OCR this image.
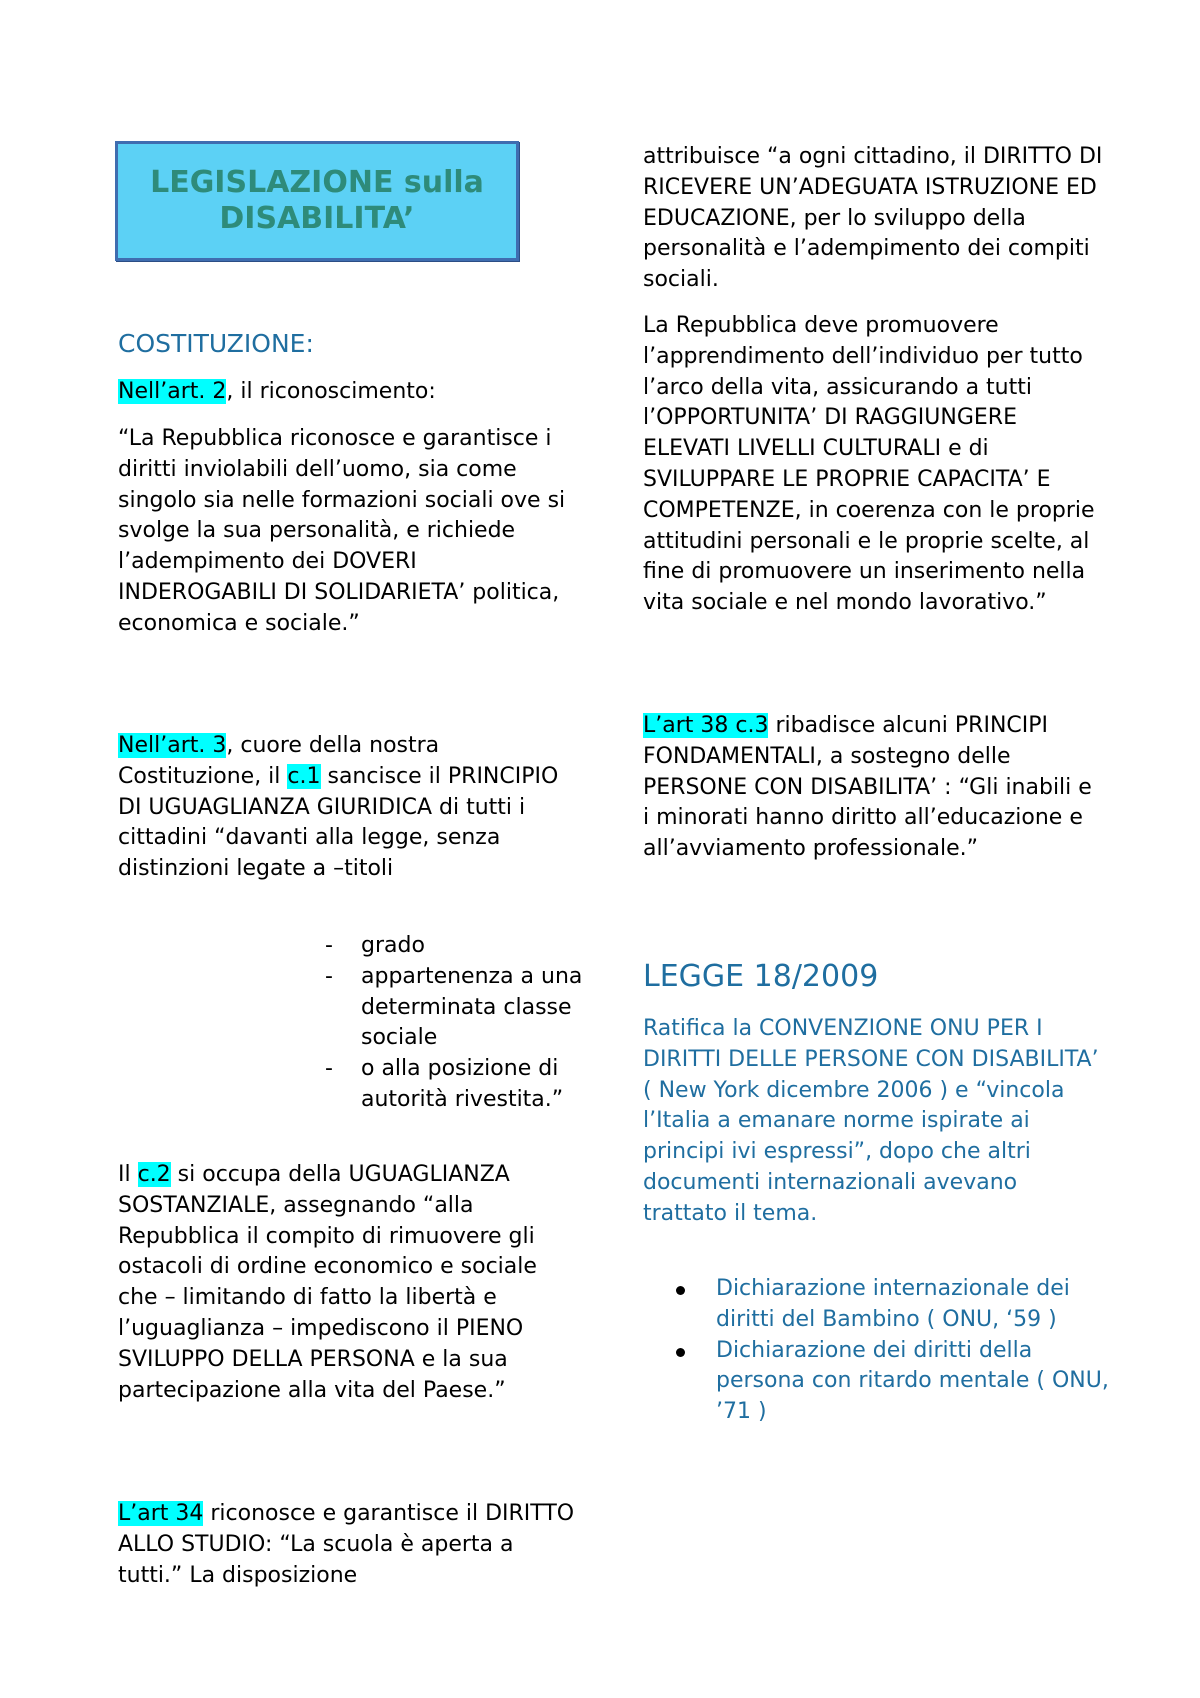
LEGISLAZIONE sulla
DISABILITA’

COSTITUZIONE:

Nell’art. 2, il riconoscimento:

“La Repubblica riconosce e garantisce i diritti inviolabili dell’uomo, sia come singolo sia nelle formazioni sociali ove si svolge la sua personalità, e richiede l’adempimento dei DOVERI INDEROGABILI DI SOLIDARIETA’ politica, economica e sociale.”

Nell’art. 3, cuore della nostra Costituzione, il c.1 sancisce il PRINCIPIO DI UGUAGLIANZA GIURIDICA di tutti i cittadini “davanti alla legge, senza distinzioni legate a –titoli

- grado
- appartenenza a una determinata classe sociale
- o alla posizione di autorità rivestita.”

Il c.2 si occupa della UGUAGLIANZA SOSTANZIALE, assegnando “alla Repubblica il compito di rimuovere gli ostacoli di ordine economico e sociale che – limitando di fatto la libertà e l’uguaglianza – impediscono il PIENO SVILUPPO DELLA PERSONA e la sua partecipazione alla vita del Paese.”

L’art 34 riconosce e garantisce il DIRITTO ALLO STUDIO: “La scuola è aperta a tutti.” La disposizione

attribuisce “a ogni cittadino, il DIRITTO DI RICEVERE UN’ADEGUATA ISTRUZIONE ED EDUCAZIONE, per lo sviluppo della personalità e l’adempimento dei compiti sociali.

La Repubblica deve promuovere l’apprendimento dell’individuo per tutto l’arco della vita, assicurando a tutti l’OPPORTUNITA’ DI RAGGIUNGERE ELEVATI LIVELLI CULTURALI e di SVILUPPARE LE PROPRIE CAPACITA’ E COMPETENZE, in coerenza con le proprie attitudini personali e le proprie scelte, al fine di promuovere un inserimento nella vita sociale e nel mondo lavorativo.”

L’art 38 c.3 ribadisce alcuni PRINCIPI FONDAMENTALI, a sostegno delle PERSONE CON DISABILITA’ : “Gli inabili e i minorati hanno diritto all’educazione e all’avviamento professionale.”

LEGGE 18/2009

Ratifica la CONVENZIONE ONU PER I DIRITTI DELLE PERSONE CON DISABILITA’ ( New York dicembre 2006 ) e “vincola l’Italia a emanare norme ispirate ai principi ivi espressi”, dopo che altri documenti internazionali avevano trattato il tema.

Dichiarazione internazionale dei diritti del Bambino ( ONU, ‘59 )
Dichiarazione dei diritti della persona con ritardo mentale ( ONU, ’71 )
